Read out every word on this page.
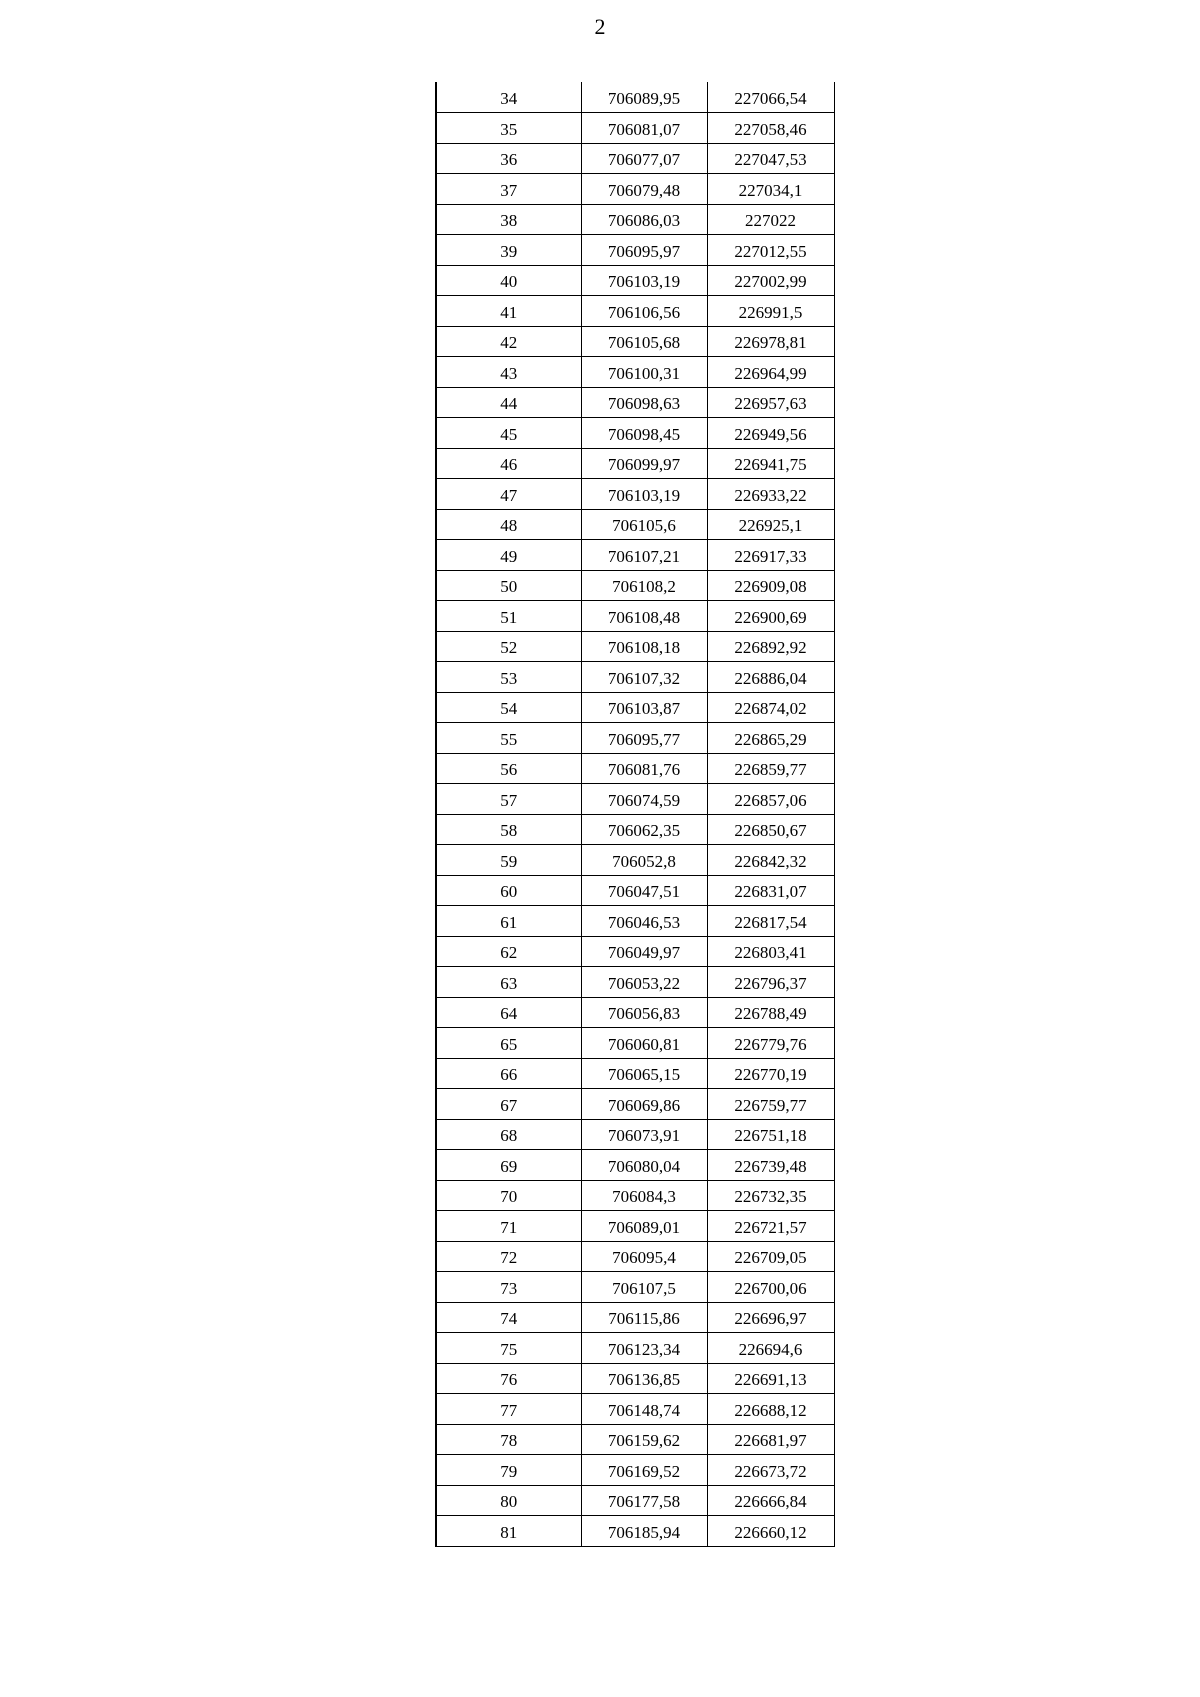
2
34	706089,95	227066,54
35	706081,07	227058,46
36	706077,07	227047,53
37	706079,48	227034,1
38	706086,03	227022
39	706095,97	227012,55
40	706103,19	227002,99
41	706106,56	226991,5
42	706105,68	226978,81
43	706100,31	226964,99
44	706098,63	226957,63
45	706098,45	226949,56
46	706099,97	226941,75
47	706103,19	226933,22
48	706105,6	226925,1
49	706107,21	226917,33
50	706108,2	226909,08
51	706108,48	226900,69
52	706108,18	226892,92
53	706107,32	226886,04
54	706103,87	226874,02
55	706095,77	226865,29
56	706081,76	226859,77
57	706074,59	226857,06
58	706062,35	226850,67
59	706052,8	226842,32
60	706047,51	226831,07
61	706046,53	226817,54
62	706049,97	226803,41
63	706053,22	226796,37
64	706056,83	226788,49
65	706060,81	226779,76
66	706065,15	226770,19
67	706069,86	226759,77
68	706073,91	226751,18
69	706080,04	226739,48
70	706084,3	226732,35
71	706089,01	226721,57
72	706095,4	226709,05
73	706107,5	226700,06
74	706115,86	226696,97
75	706123,34	226694,6
76	706136,85	226691,13
77	706148,74	226688,12
78	706159,62	226681,97
79	706169,52	226673,72
80	706177,58	226666,84
81	706185,94	226660,12
